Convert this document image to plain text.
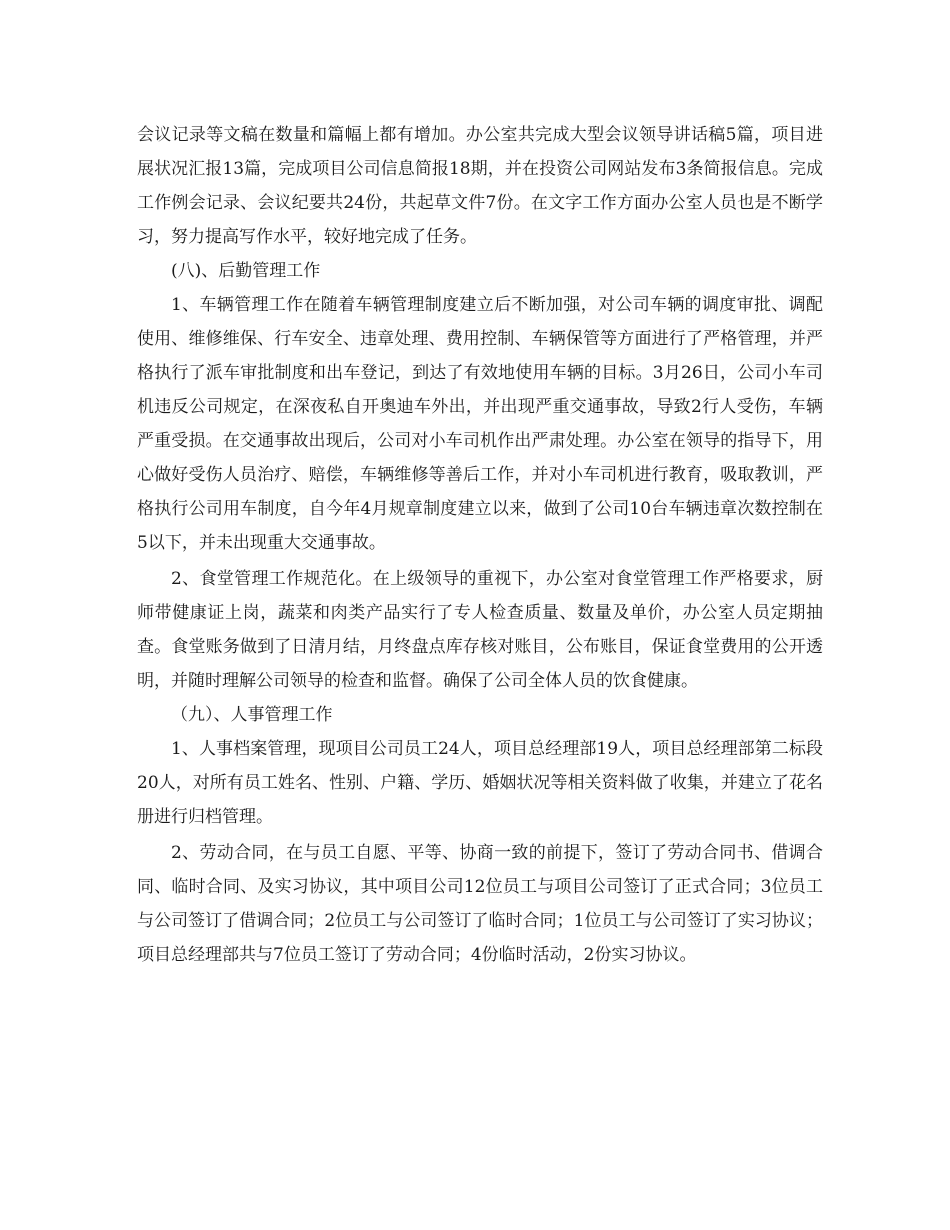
会议记录等文稿在数量和篇幅上都有增加。办公室共完成大型会议领导讲话稿5篇，项目进展状况汇报13篇，完成项目公司信息简报18期，并在投资公司网站发布3条简报信息。完成工作例会记录、会议纪要共24份，共起草文件7份。在文字工作方面办公室人员也是不断学习，努力提高写作水平，较好地完成了任务。

(八)、后勤管理工作

1、车辆管理工作在随着车辆管理制度建立后不断加强，对公司车辆的调度审批、调配使用、维修维保、行车安全、违章处理、费用控制、车辆保管等方面进行了严格管理，并严格执行了派车审批制度和出车登记，到达了有效地使用车辆的目标。3月26日，公司小车司机违反公司规定，在深夜私自开奥迪车外出，并出现严重交通事故，导致2行人受伤，车辆严重受损。在交通事故出现后，公司对小车司机作出严肃处理。办公室在领导的指导下，用心做好受伤人员治疗、赔偿，车辆维修等善后工作，并对小车司机进行教育，吸取教训，严格执行公司用车制度，自今年4月规章制度建立以来，做到了公司10台车辆违章次数控制在5以下，并未出现重大交通事故。

2、食堂管理工作规范化。在上级领导的重视下，办公室对食堂管理工作严格要求，厨师带健康证上岗，蔬菜和肉类产品实行了专人检查质量、数量及单价，办公室人员定期抽查。食堂账务做到了日清月结，月终盘点库存核对账目，公布账目，保证食堂费用的公开透明，并随时理解公司领导的检查和监督。确保了公司全体人员的饮食健康。

（九）、人事管理工作

1、人事档案管理，现项目公司员工24人，项目总经理部19人，项目总经理部第二标段20人，对所有员工姓名、性别、户籍、学历、婚姻状况等相关资料做了收集，并建立了花名册进行归档管理。

2、劳动合同，在与员工自愿、平等、协商一致的前提下，签订了劳动合同书、借调合同、临时合同、及实习协议，其中项目公司12位员工与项目公司签订了正式合同；3位员工与公司签订了借调合同；2位员工与公司签订了临时合同；1位员工与公司签订了实习协议；项目总经理部共与7位员工签订了劳动合同；4份临时活动，2份实习协议。
